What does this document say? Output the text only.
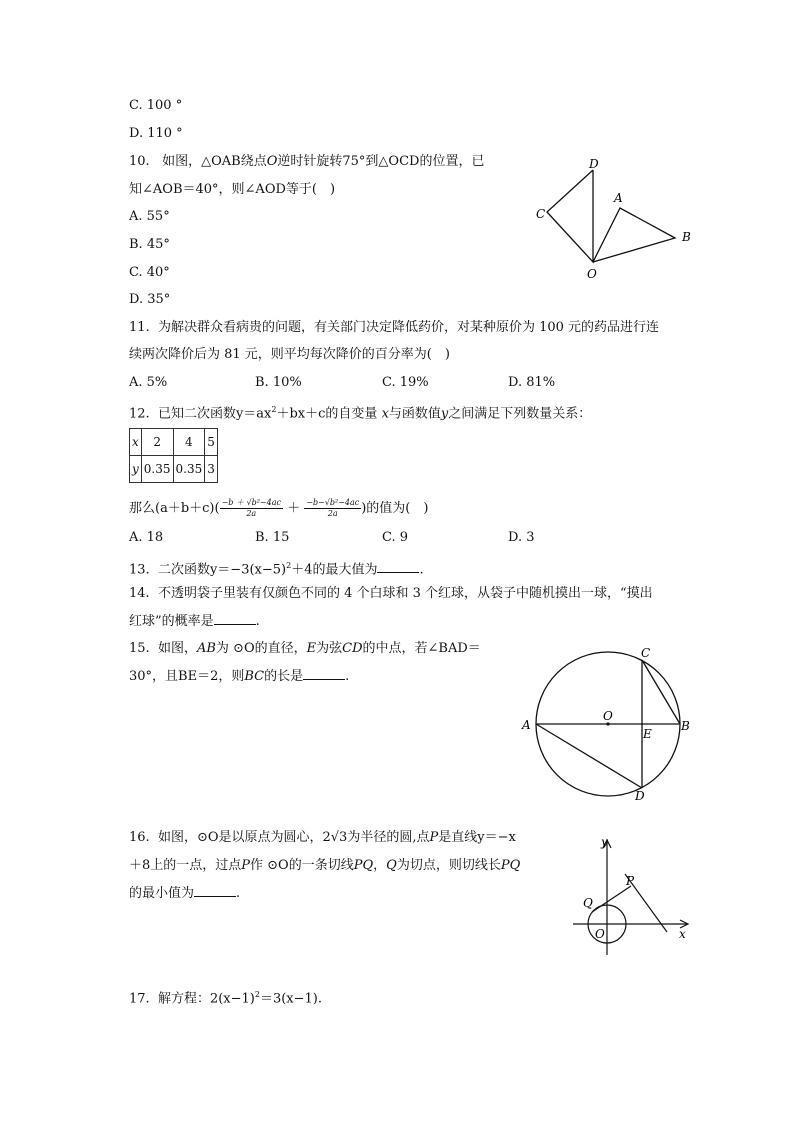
C. 100 °
D. 110 °
10. 如图，△OAB绕点O逆时针旋转75°到△OCD的位置，已
知∠AOB＝40°，则∠AOD等于(　)
A. 55°
B. 45°
C. 40°
D. 35°
D
A
C
B
O
11. 为解决群众看病贵的问题，有关部门决定降低药价，对某种原价为 100 元的药品进行连
续两次降价后为 81 元，则平均每次降价的百分率为(　)
A. 5%	B. 10%	C. 19%	D. 81%
12. 已知二次函数$y=ax^2+bx+c$的自变量 x与函数值y之间满足下列数量关系：
x	2	4	5
y	0.35	0.35	3
那么$(a+b+c)( \frac{\text{−b ＋ √b²−4ac}}{2a} + \frac{\text{−b−√b²−4ac}}{2a}$ )的值为(　)
A. 18	B. 15	C. 9	D. 3
13. 二次函数$y=-3(x-5)^2+4$的最大值为	.
14. 不透明袋子里装有仅颜色不同的 4 个白球和 3 个红球，从袋子中随机摸出一球，“摸出
红球”的概率是	.
15. 如图，AB为 ⊙O的直径，E为弦CD的中点，若∠BAD＝
30°，且BE＝2，则BC的长是	.
C
O
A
E
B
D
16. 如图，⊙O是以原点为圆心，2√3为半径的圆,点P是直线y＝−x
＋8上的一点，过点P作 ⊙O的一条切线PQ，Q为切点，则切线长PQ
的最小值为	.
y
P
Q
O	x
17. 解方程：$2(x-1)^2=3(x-1)$.
